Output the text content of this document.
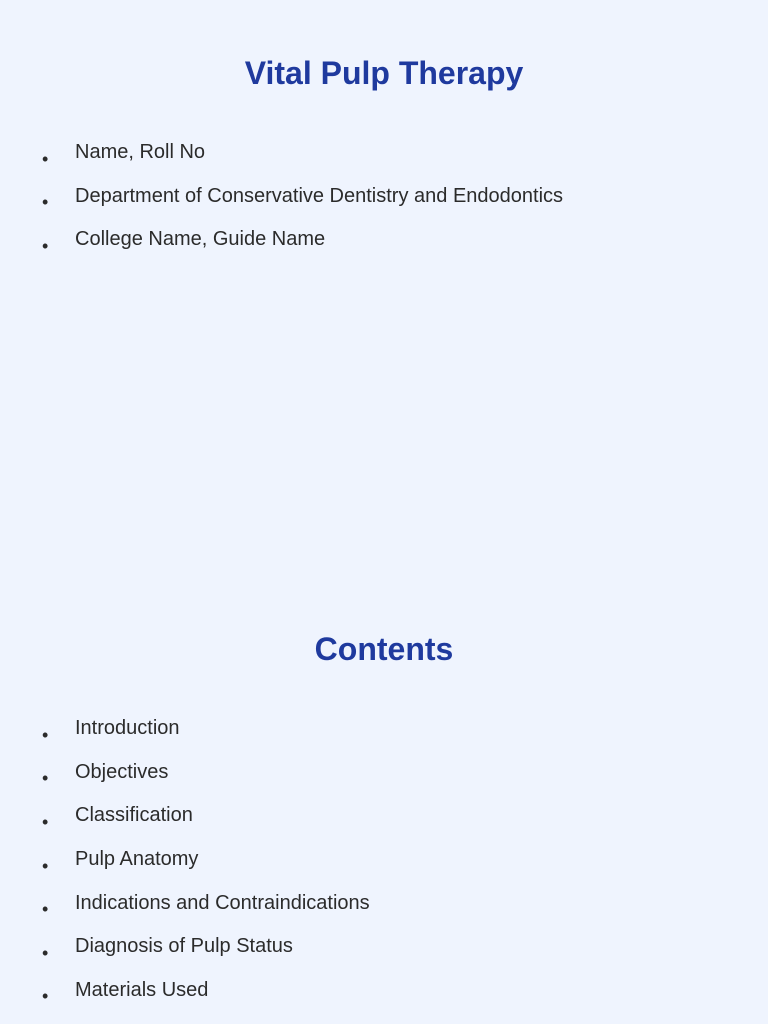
Vital Pulp Therapy
•	Name, Roll No
•	Department of Conservative Dentistry and Endodontics
•	College Name, Guide Name
Contents
•	Introduction
•	Objectives
•	Classification
•	Pulp Anatomy
•	Indications and Contraindications
•	Diagnosis of Pulp Status
•	Materials Used
